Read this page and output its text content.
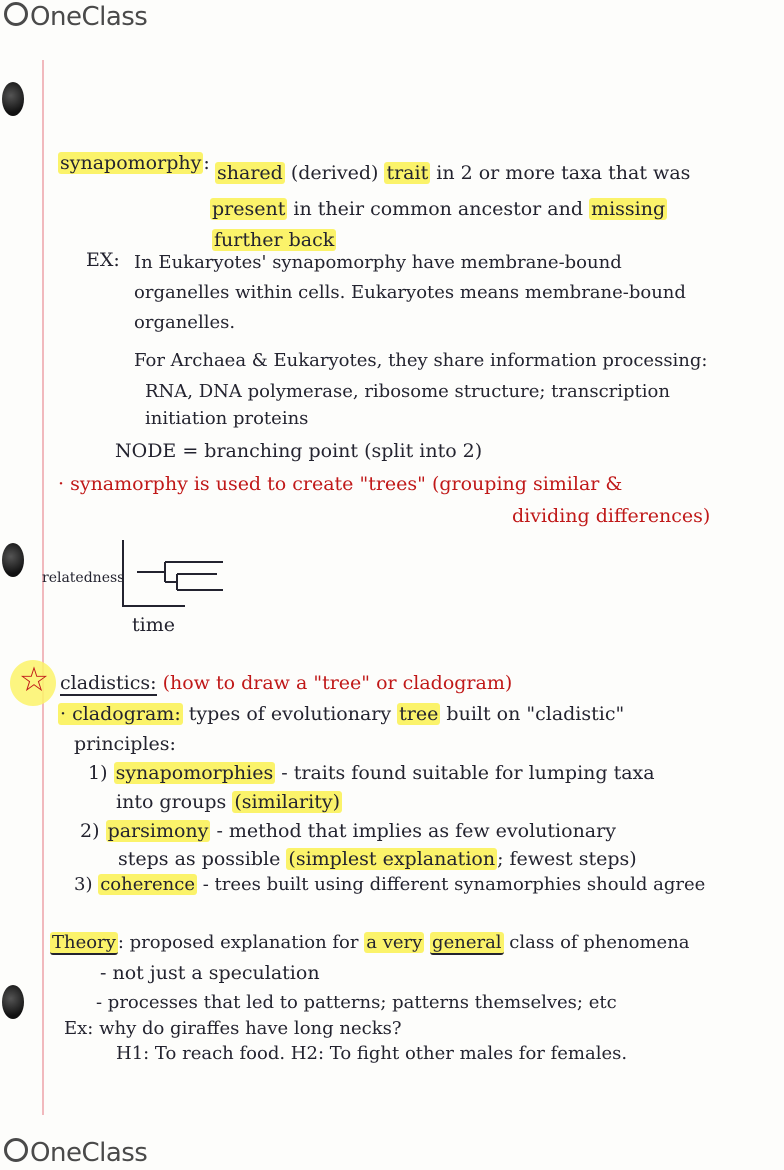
OneClass
OneClass
synapomorphy : shared (derived) trait in 2 or more taxa that was
present in their common ancestor and missing
further back
EX: In Eukaryotes' synapomorphy have membrane-bound
organelles within cells. Eukaryotes means membrane-bound
organelles.
For Archaea & Eukaryotes, they share information processing:
RNA, DNA polymerase, ribosome structure; transcription
initiation proteins
NODE = branching point (split into 2)
· synamorphy is used to create "trees" (grouping similar &
dividing differences)
relatedness
time
☆ cladistics: (how to draw a "tree" or cladogram)
· cladogram: types of evolutionary tree built on "cladistic"
principles:
1) synapomorphies - traits found suitable for lumping taxa
into groups (similarity)
2) parsimony - method that implies as few evolutionary
steps as possible (simplest explanation ; fewest steps)
3) coherence - trees built using different synamorphies should agree
Theory : proposed explanation for a very general class of phenomena
- not just a speculation
- processes that led to patterns; patterns themselves; etc
Ex: why do giraffes have long necks?
H1: To reach food. H2: To fight other males for females.
